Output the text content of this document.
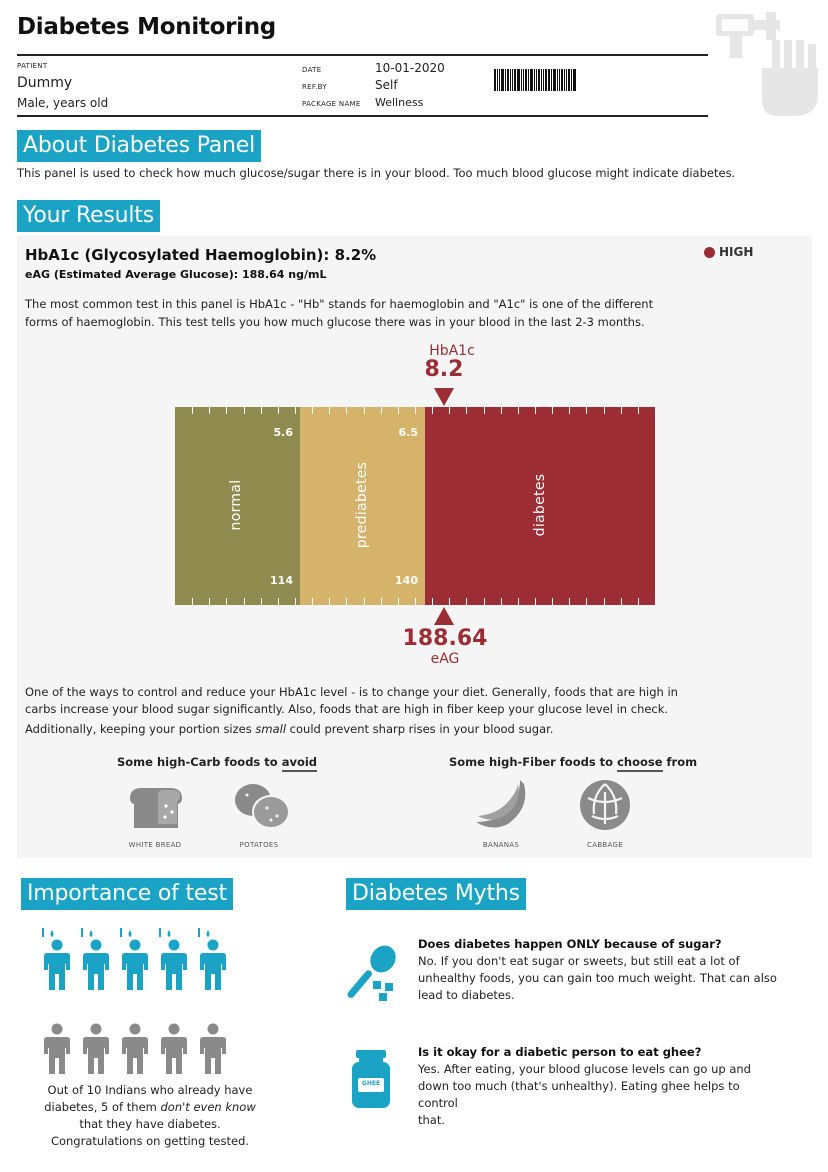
Diabetes Monitoring
PATIENT
Dummy
Male, years old
DATE	10-01-2020
REF.BY	Self
PACKAGE NAME Wellness
About Diabetes Panel
This panel is used to check how much glucose/sugar there is in your blood. Too much blood glucose might indicate diabetes.
Your Results
HbA1c (Glycosylated Haemoglobin): 8.2%
eAG (Estimated Average Glucose): 188.64 ng/mL
HIGH
The most common test in this panel is HbA1c - "Hb" stands for haemoglobin and "A1c" is one of the different
forms of haemoglobin. This test tells you how much glucose there was in your blood in the last 2-3 months.
HbA1c
8.2
5.6
114
normal
6.5
140
prediabetes	diabetes
188.64
eAG
One of the ways to control and reduce your HbA1c level - is to change your diet. Generally, foods that are high in
carbs increase your blood sugar significantly. Also, foods that are high in fiber keep your glucose level in check.
Additionally, keeping your portion sizes small could prevent sharp rises in your blood sugar.
Some high-Carb foods to avoid	Some high-Fiber foods to choose from
WHITE BREAD	POTATOES	BANANAS	CABBAGE
Importance of test
Out of 10 Indians who already have
diabetes, 5 of them don't even know
that they have diabetes.
Congratulations on getting tested.
Diabetes Myths
Does diabetes happen ONLY because of sugar?
No. If you don't eat sugar or sweets, but still eat a lot of
unhealthy foods, you can gain too much weight. That can also
lead to diabetes.
GHEE
Is it okay for a diabetic person to eat ghee?
Yes. After eating, your blood glucose levels can go up and
down too much (that's unhealthy). Eating ghee helps to control
that.
